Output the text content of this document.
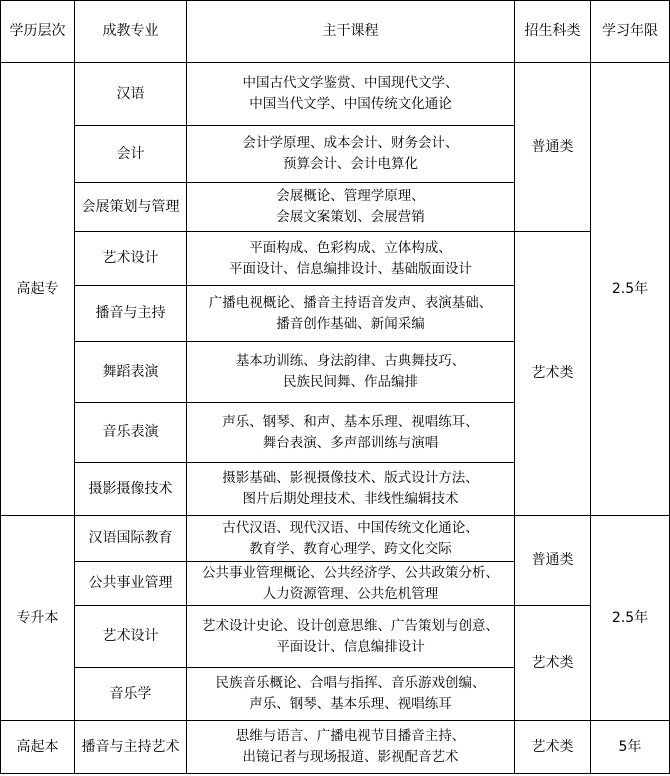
学历层次	成教专业	主干课程	招生科类	学习年限
高起专	汉语	中国古代文学鉴赏、中国现代文学、
中国当代文学、中国传统文化通论	普通类	2.5年
	会计	会计学原理、成本会计、财务会计、
预算会计、会计电算化		

	会展策划与管理	会展概论、管理学原理、
会展文案策划、会展营销		

	艺术设计	平面构成、色彩构成、立体构成、
平面设计、信息编排设计、基础版面设计	艺术类	
	播音与主持	广播电视概论、播音主持语音发声、表演基础、
播音创作基础、新闻采编		

	舞蹈表演	基本功训练、身法韵律、古典舞技巧、
民族民间舞、作品编排		

	音乐表演	声乐、钢琴、和声、基本乐理、视唱练耳、
舞台表演、多声部训练与演唱		

	摄影摄像技术	摄影基础、影视摄像技术、版式设计方法、
图片后期处理技术、非线性编辑技术		

专升本	汉语国际教育	古代汉语、现代汉语、中国传统文化通论、
教育学、教育心理学、跨文化交际	普通类	2.5年
	公共事业管理	公共事业管理概论、公共经济学、公共政策分析、
人力资源管理、公共危机管理		

	艺术设计	艺术设计史论、设计创意思维、广告策划与创意、
平面设计、信息编排设计	艺术类	
	音乐学	民族音乐概论、合唱与指挥、音乐游戏创编、
声乐、钢琴、基本乐理、视唱练耳		

高起本	播音与主持艺术	思维与语言、广播电视节目播音主持、
出镜记者与现场报道、影视配音艺术	艺术类	5年
